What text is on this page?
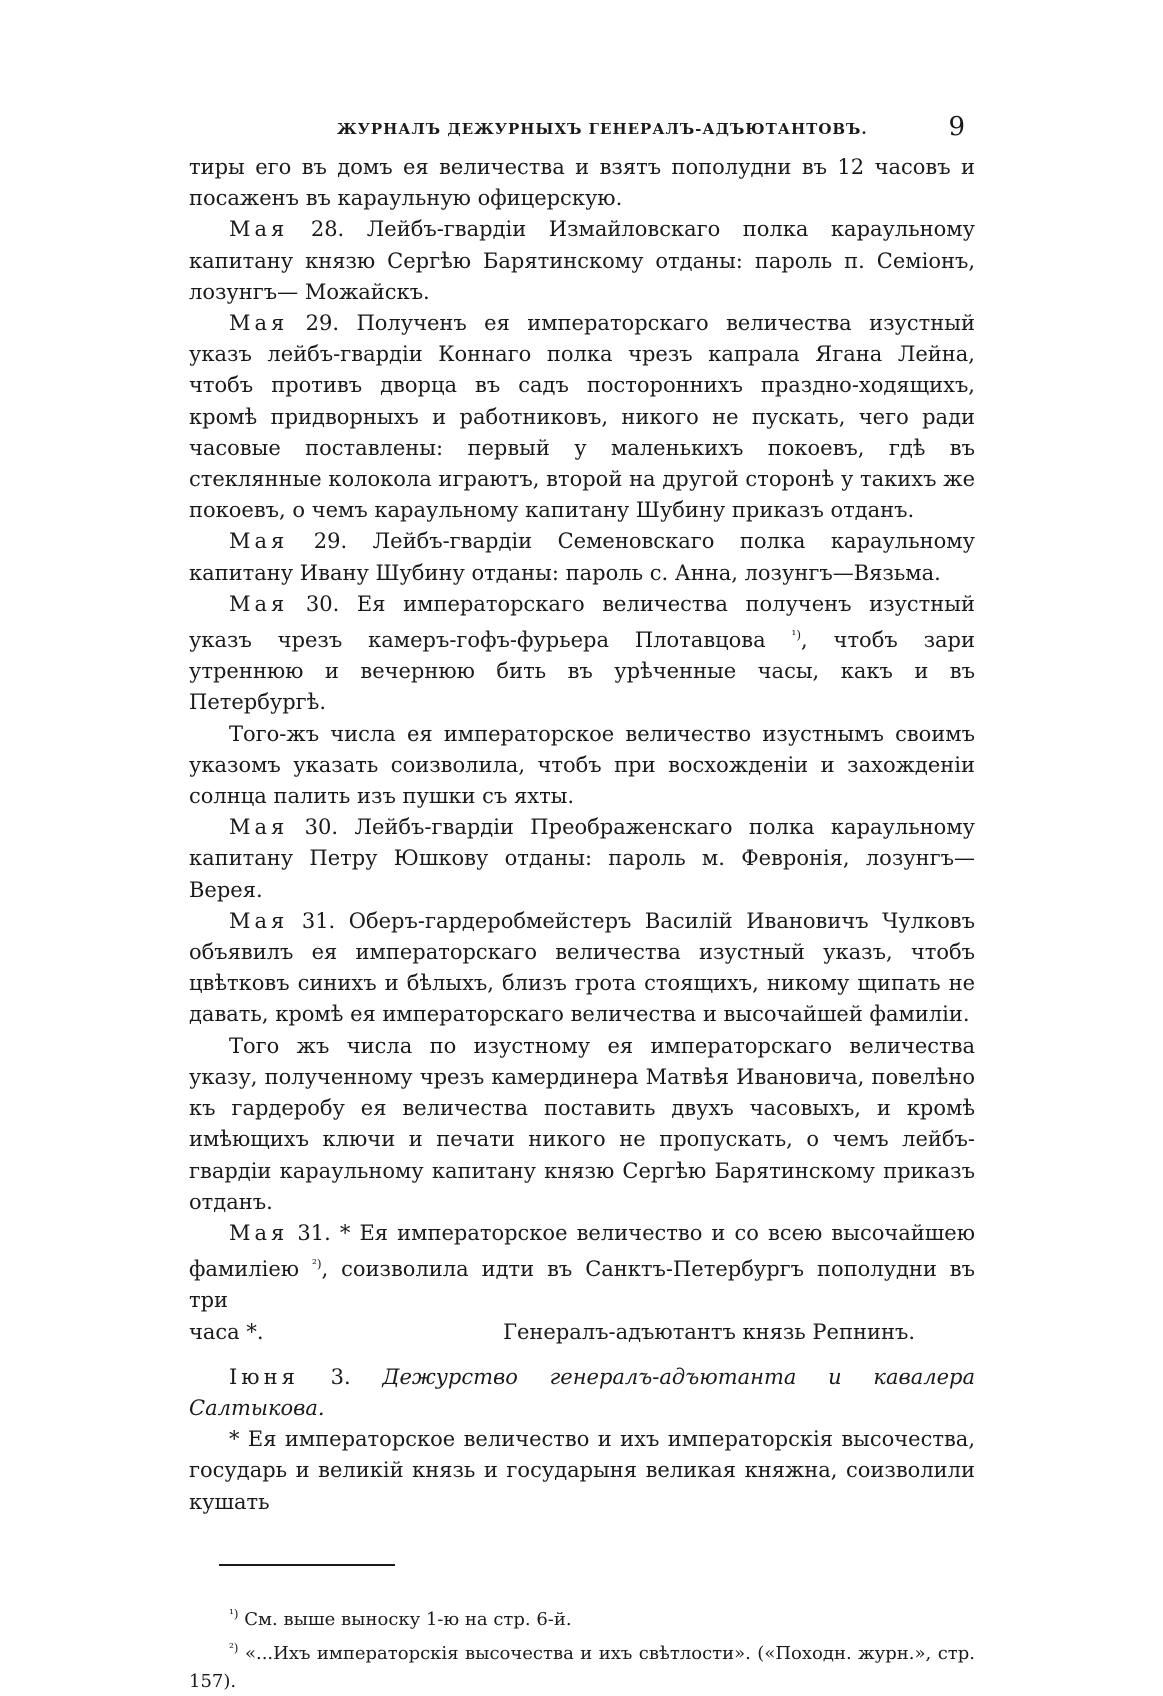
ЖУРНАЛЪ ДЕЖУРНЫХЪ ГЕНЕРАЛЪ-АДЪЮТАНТОВЪ.	9

тиры его въ домъ ея величества и взятъ пополудни въ 12 часовъ и посаженъ въ караульную офицерскую.

Мая 28. Лейбъ-гвардіи Измайловскаго полка караульному капитану князю Сергѣю Барятинскому отданы: пароль п. Семіонъ, лозунгъ— Можайскъ.

Мая 29. Полученъ ея императорскаго величества изустный указъ лейбъ-гвардіи Коннаго полка чрезъ капрала Ягана Лейна, чтобъ противъ дворца въ садъ постороннихъ праздно-ходящихъ, кромѣ придворныхъ и работниковъ, никого не пускать, чего ради часовые поставлены: первый у маленькихъ покоевъ, гдѣ въ стеклянные колокола играютъ, второй на другой сторонѣ у такихъ же покоевъ, о чемъ караульному капитану Шубину приказъ отданъ.

Мая 29. Лейбъ-гвардіи Семеновскаго полка караульному капитану Ивану Шубину отданы: пароль с. Анна, лозунгъ—Вязьма.

Мая 30. Ея императорскаго величества полученъ изустный указъ чрезъ камеръ-гофъ-фурьера Плотавцова $^{^1)}$, чтобъ зари утреннюю и вечернюю бить въ урѣченные часы, какъ и въ Петербургѣ.

Того-жъ числа ея императорское величество изустнымъ своимъ указомъ указать соизволила, чтобъ при восхожденіи и захожденіи солнца палить изъ пушки съ яхты.

Мая 30. Лейбъ-гвардіи Преображенскаго полка караульному капитану Петру Юшкову отданы: пароль м. Февронія, лозунгъ—Верея.

Мая 31. Оберъ-гардеробмейстеръ Василій Ивановичъ Чулковъ объявилъ ея императорскаго величества изустный указъ, чтобъ цвѣтковъ синихъ и бѣлыхъ, близъ грота стоящихъ, никому щипать не давать, кромѣ ея императорскаго величества и высочайшей фамиліи.

Того жъ числа по изустному ея императорскаго величества указу, полученному чрезъ камердинера Матвѣя Ивановича, повелѣно къ гардеробу ея величества поставить двухъ часовыхъ, и кромѣ имѣющихъ ключи и печати никого не пропускать, о чемъ лейбъ-гвардіи караульному капитану князю Сергѣю Барятинскому приказъ отданъ.

Мая 31. * Ея императорское величество и со всею высочайшею фамиліею $^{^2)}$, соизволила идти въ Санктъ-Петербургъ пополудни въ три

часа *.	Генералъ-адъютантъ князь Репнинъ.

Іюня 3. Дежурство генералъ-адъютанта и кавалера Салтыкова.

* Ея императорское величество и ихъ императорскія высочества, государь и великій князь и государыня великая княжна, соизволили кушать

$^{^1)}$ См. выше выноску 1-ю на стр. 6-й.

$^{^2)}$ «...Ихъ императорскія высочества и ихъ свѣтлости». («Походн. журн.», стр. 157).
